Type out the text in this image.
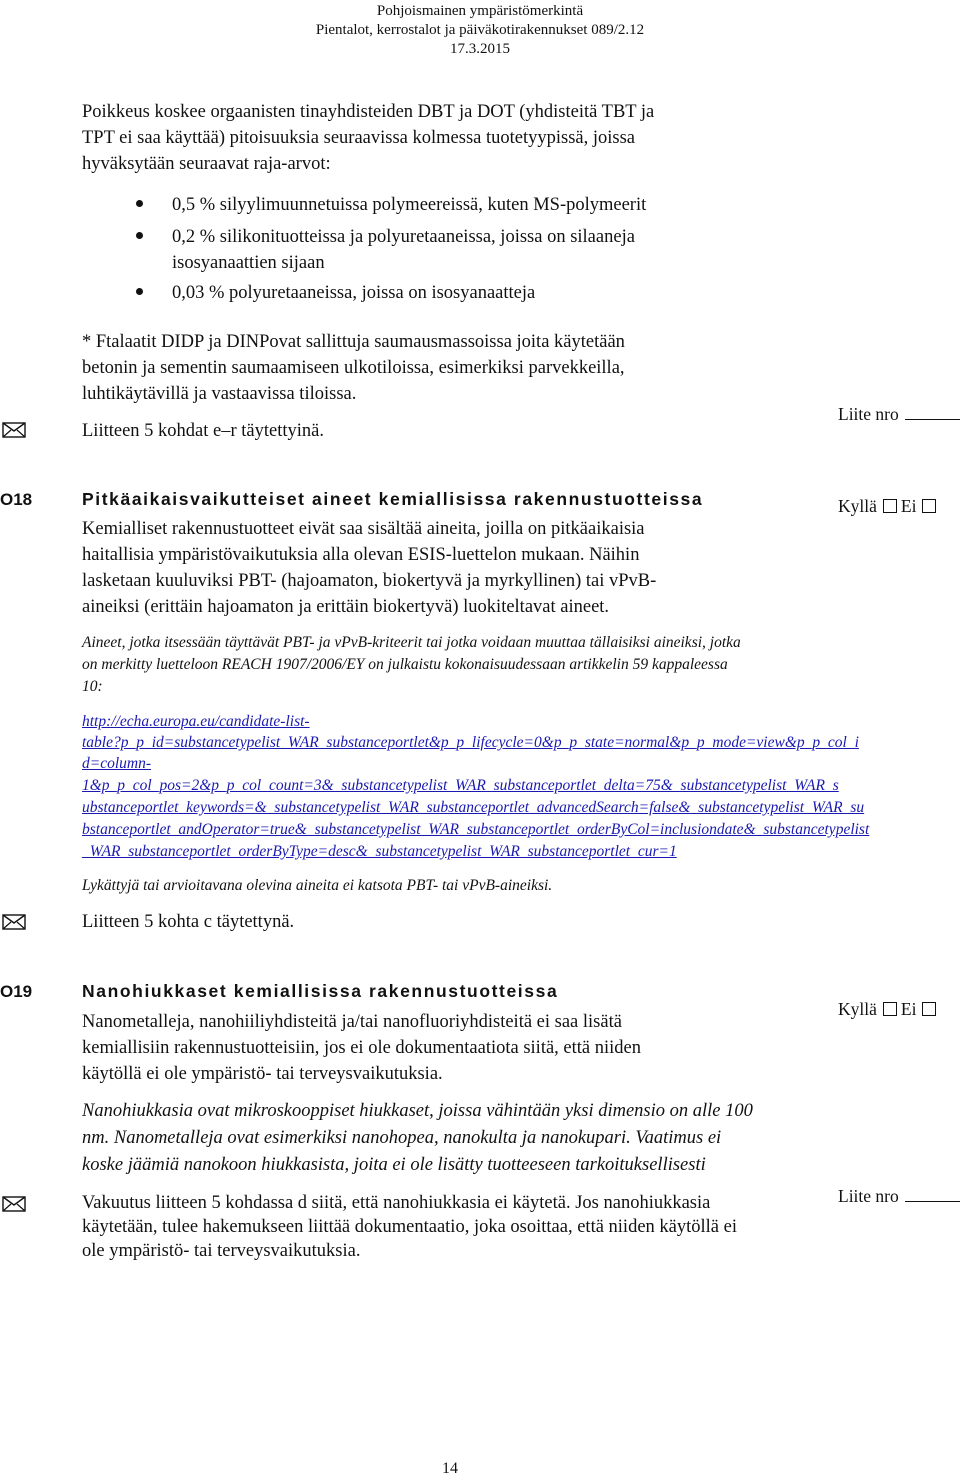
Pohjoismainen ympäristömerkintä
Pientalot, kerrostalot ja päiväkotirakennukset 089/2.12
17.3.2015
Poikkeus koskee orgaanisten tinayhdisteiden DBT ja DOT (yhdisteitä TBT ja
TPT ei saa käyttää) pitoisuuksia seuraavissa kolmessa tuotetyypissä, joissa
hyväksytään seuraavat raja-arvot:
0,5 % silyylimuunnetuissa polymeereissä, kuten MS-polymeerit
0,2 % silikonituotteissa ja polyuretaaneissa, joissa on silaaneja
isosyanaattien sijaan
0,03 % polyuretaaneissa, joissa on isosyanaatteja
* Ftalaatit DIDP ja DINPovat sallittuja saumausmassoissa joita käytetään
betonin ja sementin saumaamiseen ulkotiloissa, esimerkiksi parvekkeilla,
luhtikäytävillä ja vastaavissa tiloissa.
Liitteen 5 kohdat e–r täytettyinä.
Liite nro
O18	Pitkäaikaisvaikutteiset aineet kemiallisissa rakennustuotteissa	Kyllä Ei
Kemialliset rakennustuotteet eivät saa sisältää aineita, joilla on pitkäaikaisia
haitallisia ympäristövaikutuksia alla olevan ESIS-luettelon mukaan. Näihin
lasketaan kuuluviksi PBT- (hajoamaton, biokertyvä ja myrkyllinen) tai vPvB-
aineiksi (erittäin hajoamaton ja erittäin biokertyvä) luokiteltavat aineet.
Aineet, jotka itsessään täyttävät PBT- ja vPvB-kriteerit tai jotka voidaan muuttaa tällaisiksi aineiksi, jotka
on merkitty luetteloon REACH 1907/2006/EY on julkaistu kokonaisuudessaan artikkelin 59 kappaleessa
10:
http://echa.europa.eu/candidate-list-
table?p_p_id=substancetypelist_WAR_substanceportlet&p_p_lifecycle=0&p_p_state=normal&p_p_mode=view&p_p_col_i
d=column-
1&p_p_col_pos=2&p_p_col_count=3&_substancetypelist_WAR_substanceportlet_delta=75&_substancetypelist_WAR_s
ubstanceportlet_keywords=&_substancetypelist_WAR_substanceportlet_advancedSearch=false&_substancetypelist_WAR_su
bstanceportlet_andOperator=true&_substancetypelist_WAR_substanceportlet_orderByCol=inclusiondate&_substancetypelist
_WAR_substanceportlet_orderByType=desc&_substancetypelist_WAR_substanceportlet_cur=1
Lykättyjä tai arvioitavana olevina aineita ei katsota PBT- tai vPvB-aineiksi.
Liitteen 5 kohta c täytettynä.
O19	Nanohiukkaset kemiallisissa rakennustuotteissa
Kyllä Ei
Nanometalleja, nanohiiliyhdisteitä ja/tai nanofluoriyhdisteitä ei saa lisätä
kemiallisiin rakennustuotteisiin, jos ei ole dokumentaatiota siitä, että niiden
käytöllä ei ole ympäristö- tai terveysvaikutuksia.
Nanohiukkasia ovat mikroskooppiset hiukkaset, joissa vähintään yksi dimensio on alle 100
nm. Nanometalleja ovat esimerkiksi nanohopea, nanokulta ja nanokupari. Vaatimus ei
koske jäämiä nanokoon hiukkasista, joita ei ole lisätty tuotteeseen tarkoituksellisesti
Vakuutus liitteen 5 kohdassa d siitä, että nanohiukkasia ei käytetä. Jos nanohiukkasia
käytetään, tulee hakemukseen liittää dokumentaatio, joka osoittaa, että niiden käytöllä ei
ole ympäristö- tai terveysvaikutuksia.
Liite nro
14
